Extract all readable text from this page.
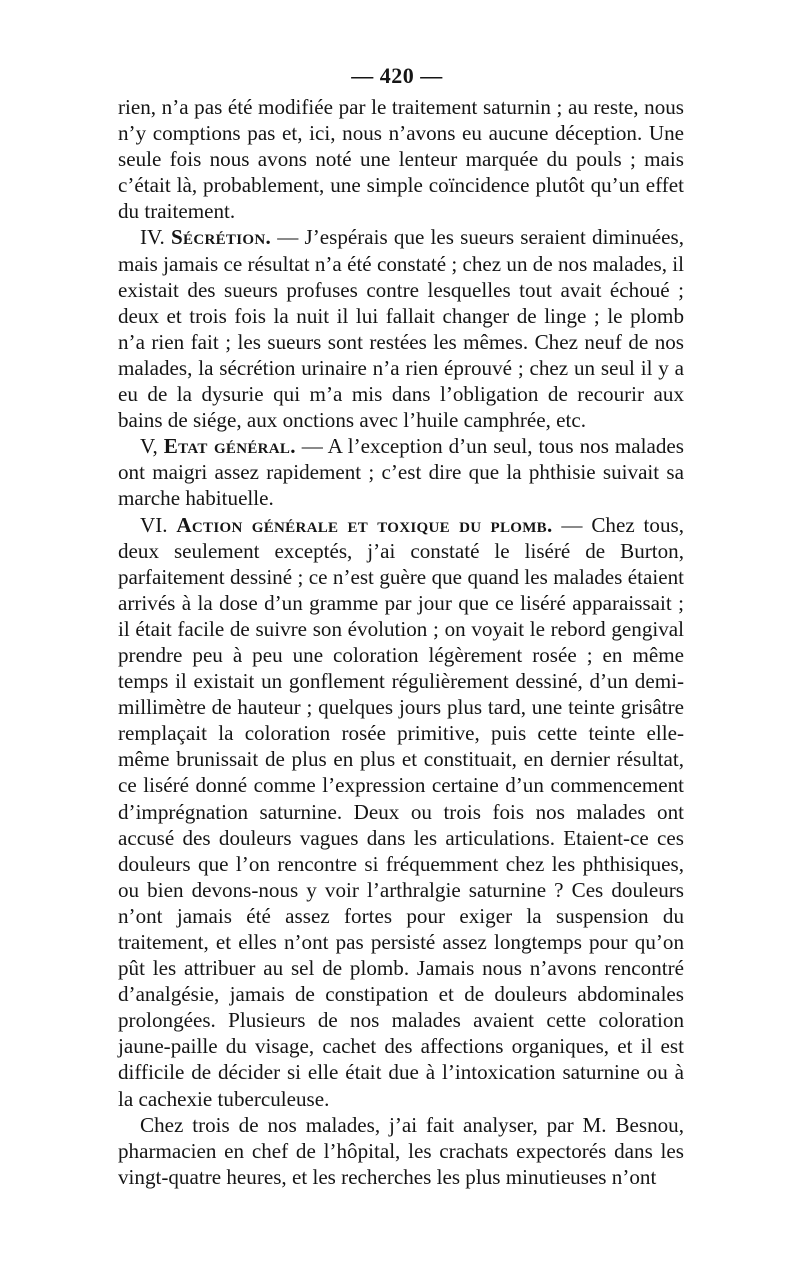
— 420 —

rien, n’a pas été modifiée par le traitement saturnin ; au reste, nous n’y comptions pas et, ici, nous n’avons eu aucune déception. Une seule fois nous avons noté une lenteur marquée du pouls ; mais c’était là, probablement, une simple coïncidence plutôt qu’un effet du traitement.

IV. Sécrétion. — J’espérais que les sueurs seraient diminuées, mais jamais ce résultat n’a été constaté ; chez un de nos malades, il existait des sueurs profuses contre lesquelles tout avait échoué ; deux et trois fois la nuit il lui fallait changer de linge ; le plomb n’a rien fait ; les sueurs sont restées les mêmes. Chez neuf de nos malades, la sécrétion urinaire n’a rien éprouvé ; chez un seul il y a eu de la dysurie qui m’a mis dans l’obligation de recourir aux bains de siége, aux onctions avec l’huile camphrée, etc.

V, Etat général. — A l’exception d’un seul, tous nos malades ont maigri assez rapidement ; c’est dire que la phthisie suivait sa marche habituelle.

VI. Action générale et toxique du plomb. — Chez tous, deux seulement exceptés, j’ai constaté le liséré de Burton, parfaitement dessiné ; ce n’est guère que quand les malades étaient arrivés à la dose d’un gramme par jour que ce liséré apparaissait ; il était facile de suivre son évolution ; on voyait le rebord gengival prendre peu à peu une coloration légèrement rosée ; en même temps il existait un gonflement régulièrement dessiné, d’un demi-millimètre de hauteur ; quelques jours plus tard, une teinte grisâtre remplaçait la coloration rosée primitive, puis cette teinte elle-même brunissait de plus en plus et constituait, en dernier résultat, ce liséré donné comme l’expression certaine d’un commencement d’imprégnation saturnine. Deux ou trois fois nos malades ont accusé des douleurs vagues dans les articulations. Etaient-ce ces douleurs que l’on rencontre si fréquemment chez les phthisiques, ou bien devons-nous y voir l’arthralgie saturnine ? Ces douleurs n’ont jamais été assez fortes pour exiger la suspension du traitement, et elles n’ont pas persisté assez longtemps pour qu’on pût les attribuer au sel de plomb. Jamais nous n’avons rencontré d’analgésie, jamais de constipation et de douleurs abdominales prolongées. Plusieurs de nos malades avaient cette coloration jaune-paille du visage, cachet des affections organiques, et il est difficile de décider si elle était due à l’intoxication saturnine ou à la cachexie tuberculeuse.

Chez trois de nos malades, j’ai fait analyser, par M. Besnou, pharmacien en chef de l’hôpital, les crachats expectorés dans les vingt-quatre heures, et les recherches les plus minutieuses n’ont
